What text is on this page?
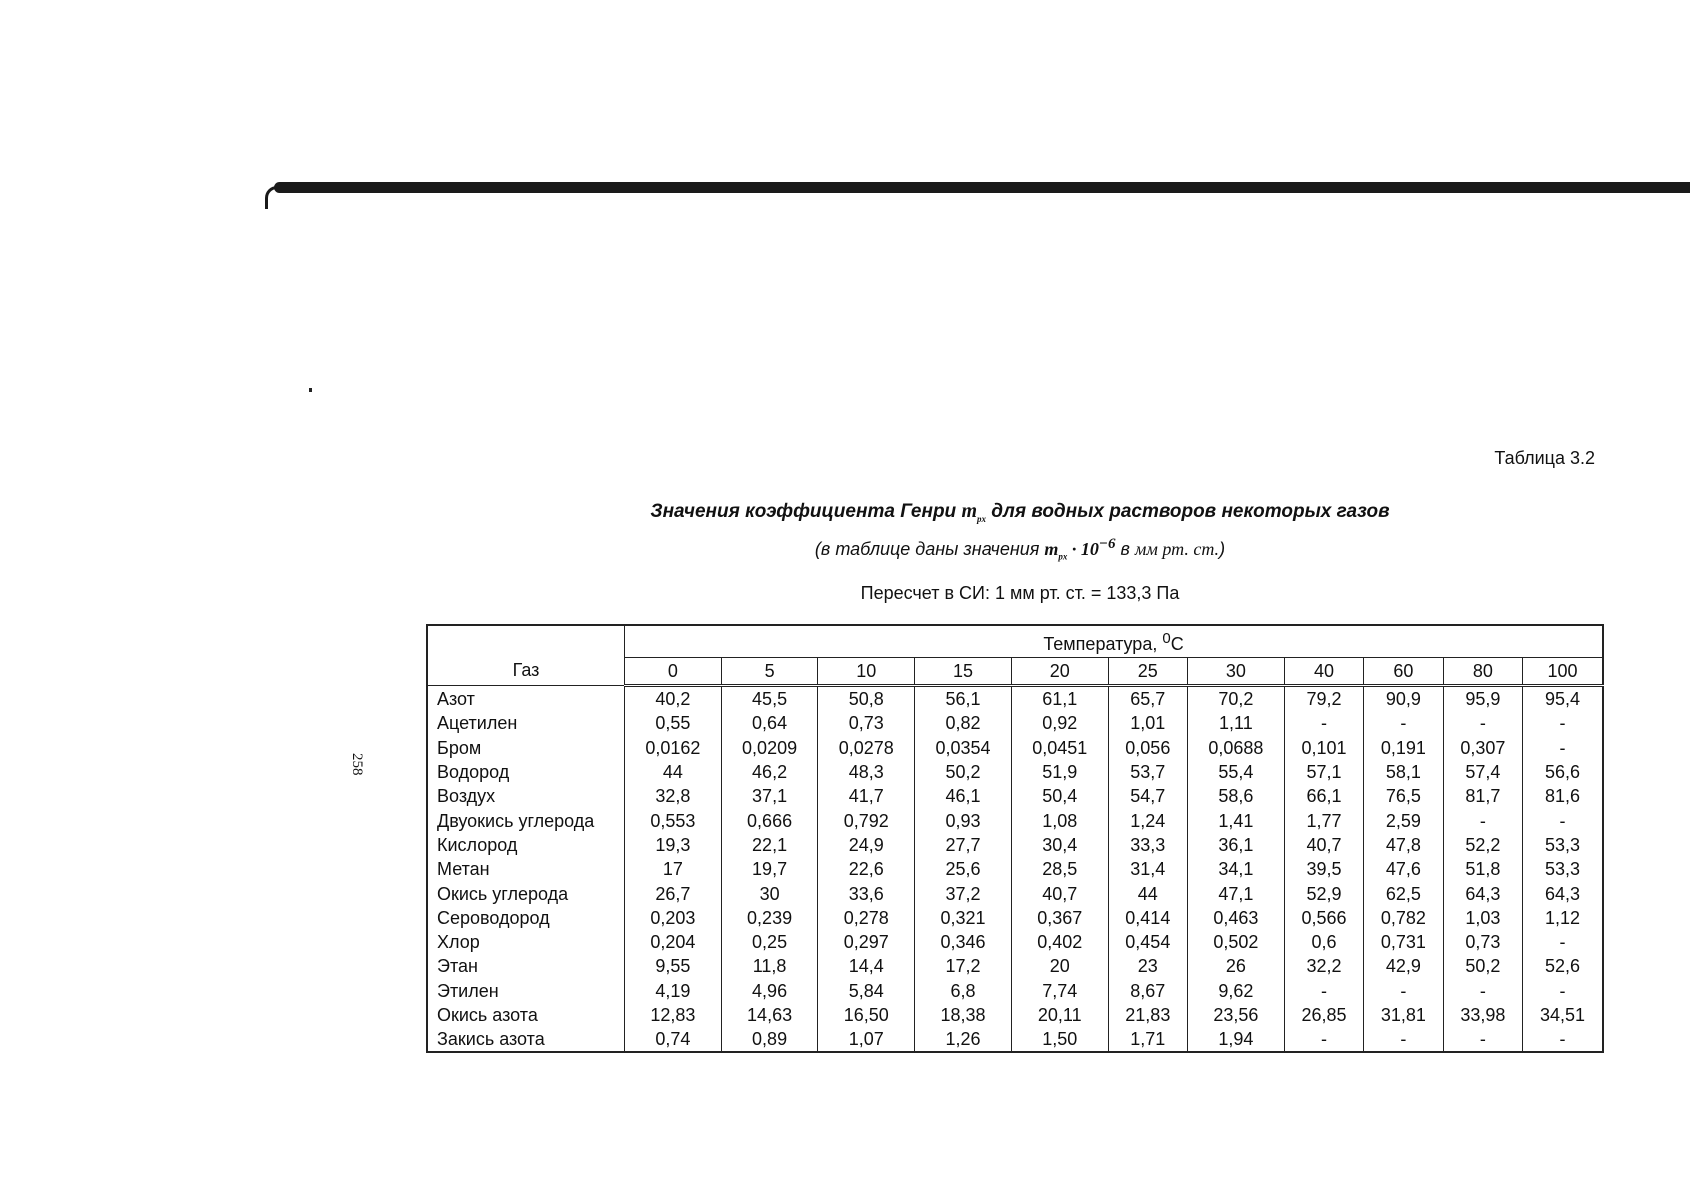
258
Таблица 3.2
Значения коэффициента Генри $m_{px}$ для водных растворов некоторых газов
(в таблице даны значения $m_{px} \cdot 10^{-6}$ в мм рт. ст.)
Пересчет в СИ: 1 мм рт. ст. = 133,3 Па
Газ	Температура, $^0$C										
	0	5	10	15	20	25	30	40	60	80	100
Азот	40,2	45,5	50,8	56,1	61,1	65,7	70,2	79,2	90,9	95,9	95,4
Ацетилен	0,55	0,64	0,73	0,82	0,92	1,01	1,11	-	-	-	-
Бром	0,0162	0,0209	0,0278	0,0354	0,0451	0,056	0,0688	0,101	0,191	0,307	-
Водород	44	46,2	48,3	50,2	51,9	53,7	55,4	57,1	58,1	57,4	56,6
Воздух	32,8	37,1	41,7	46,1	50,4	54,7	58,6	66,1	76,5	81,7	81,6
Двуокись углерода	0,553	0,666	0,792	0,93	1,08	1,24	1,41	1,77	2,59	-	-
Кислород	19,3	22,1	24,9	27,7	30,4	33,3	36,1	40,7	47,8	52,2	53,3
Метан	17	19,7	22,6	25,6	28,5	31,4	34,1	39,5	47,6	51,8	53,3
Окись углерода	26,7	30	33,6	37,2	40,7	44	47,1	52,9	62,5	64,3	64,3
Сероводород	0,203	0,239	0,278	0,321	0,367	0,414	0,463	0,566	0,782	1,03	1,12
Хлор	0,204	0,25	0,297	0,346	0,402	0,454	0,502	0,6	0,731	0,73	-
Этан	9,55	11,8	14,4	17,2	20	23	26	32,2	42,9	50,2	52,6
Этилен	4,19	4,96	5,84	6,8	7,74	8,67	9,62	-	-	-	-
Окись азота	12,83	14,63	16,50	18,38	20,11	21,83	23,56	26,85	31,81	33,98	34,51
Закись азота	0,74	0,89	1,07	1,26	1,50	1,71	1,94	-	-	-	-
